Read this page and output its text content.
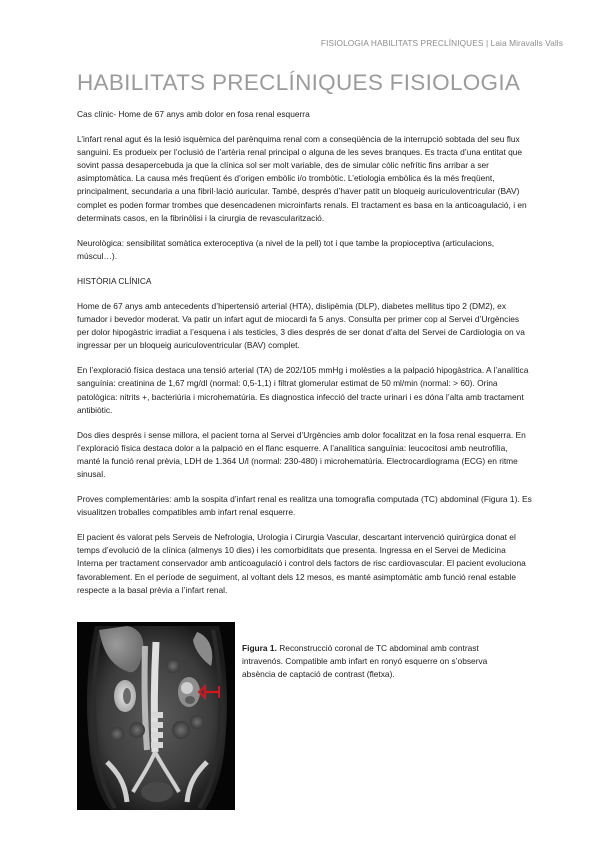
FISIOLOGIA HABILITATS PRECLÍNIQUES | Laia Miravalls Valls
HABILITATS PRECLÍNIQUES FISIOLOGIA

Cas clínic- Home de 67 anys amb dolor en fosa renal esquerra

L’infart renal agut és la lesió isquèmica del parènquima renal com a conseqüència de la interrupció sobtada del seu flux sanguini. Es produeix per l’oclusió de l’artèria renal principal o alguna de les seves branques. Es tracta d’una entitat que sovint passa desapercebuda ja que la clínica sol ser molt variable, des de simular còlic nefrític fins arribar a ser asimptomàtica. La causa més freqüent és d’origen embòlic i/o trombòtic. L’etiologia embòlica és la més freqüent, principalment, secundaria a una fibril·lació auricular. També, després d’haver patit un bloqueig auriculoventricular (BAV) complet es poden formar trombes que desencadenen microinfarts renals. El tractament es basa en la anticoagulació, i en determinats casos, en la fibrinòlisi i la cirurgia de revascularització.

Neurològica: sensibilitat somàtica exteroceptiva (a nivel de la pell) tot i que tambe la propioceptiva (articulacions, múscul…).

HISTÒRIA CLÍNICA

Home de 67 anys amb antecedents d’hipertensió arterial (HTA), dislipèmia (DLP), diabetes mellitus tipo 2 (DM2), ex fumador i bevedor moderat. Va patir un infart agut de miocardi fa 5 anys. Consulta per primer cop al Servei d’Urgències per dolor hipogàstric irradiat a l’esquena i als testicles, 3 dies després de ser donat d’alta del Servei de Cardiologia on va ingressar per un bloqueig auriculoventricular (BAV) complet.

En l’exploració física destaca una tensió arterial (TA) de 202/105 mmHg i molèsties a la palpació hipogàstrica. A l’analítica sanguínia: creatinina de 1,67 mg/dl (normal: 0,5-1,1) i filtrat glomerular estimat de 50 ml/min (normal: > 60). Orina patològica: nitrits +, bacteriúria i microhematúria. Es diagnostica infecció del tracte urinari i es dóna l’alta amb tractament antibiòtic.

Dos dies després i sense millora, el pacient torna al Servei d’Urgències amb dolor focalitzat en la fosa renal esquerra. En l’exploració física destaca dolor a la palpació en el flanc esquerre. A l’analítica sanguínia: leucocitosi amb neutrofília, manté la funció renal prèvia, LDH de 1.364 U/l (normal: 230-480) i microhematúria. Electrocardiograma (ECG) en ritme sinusal.

Proves complementàries: amb la sospita d’infart renal es realitza una tomografia computada (TC) abdominal (Figura 1). Es visualitzen troballes compatibles amb infart renal esquerre.

El pacient és valorat pels Serveis de Nefrologia, Urologia i Cirurgia Vascular, descartant intervenció quirúrgica donat el temps d’evolució de la clínica (almenys 10 dies) i les comorbiditats que presenta. Ingressa en el Servei de Medicina Interna per tractament conservador amb anticoagulació i control dels factors de risc cardiovascular. El pacient evoluciona favorablement. En el període de seguiment, al voltant dels 12 mesos, es manté asimptomàtic amb funció renal estable respecte a la basal prèvia a l’infart renal.

Figura 1. Reconstrucció coronal de TC abdominal amb contrast intravenós. Compatible amb infart en ronyó esquerre on s’observa absència de captació de contrast (fletxa).
